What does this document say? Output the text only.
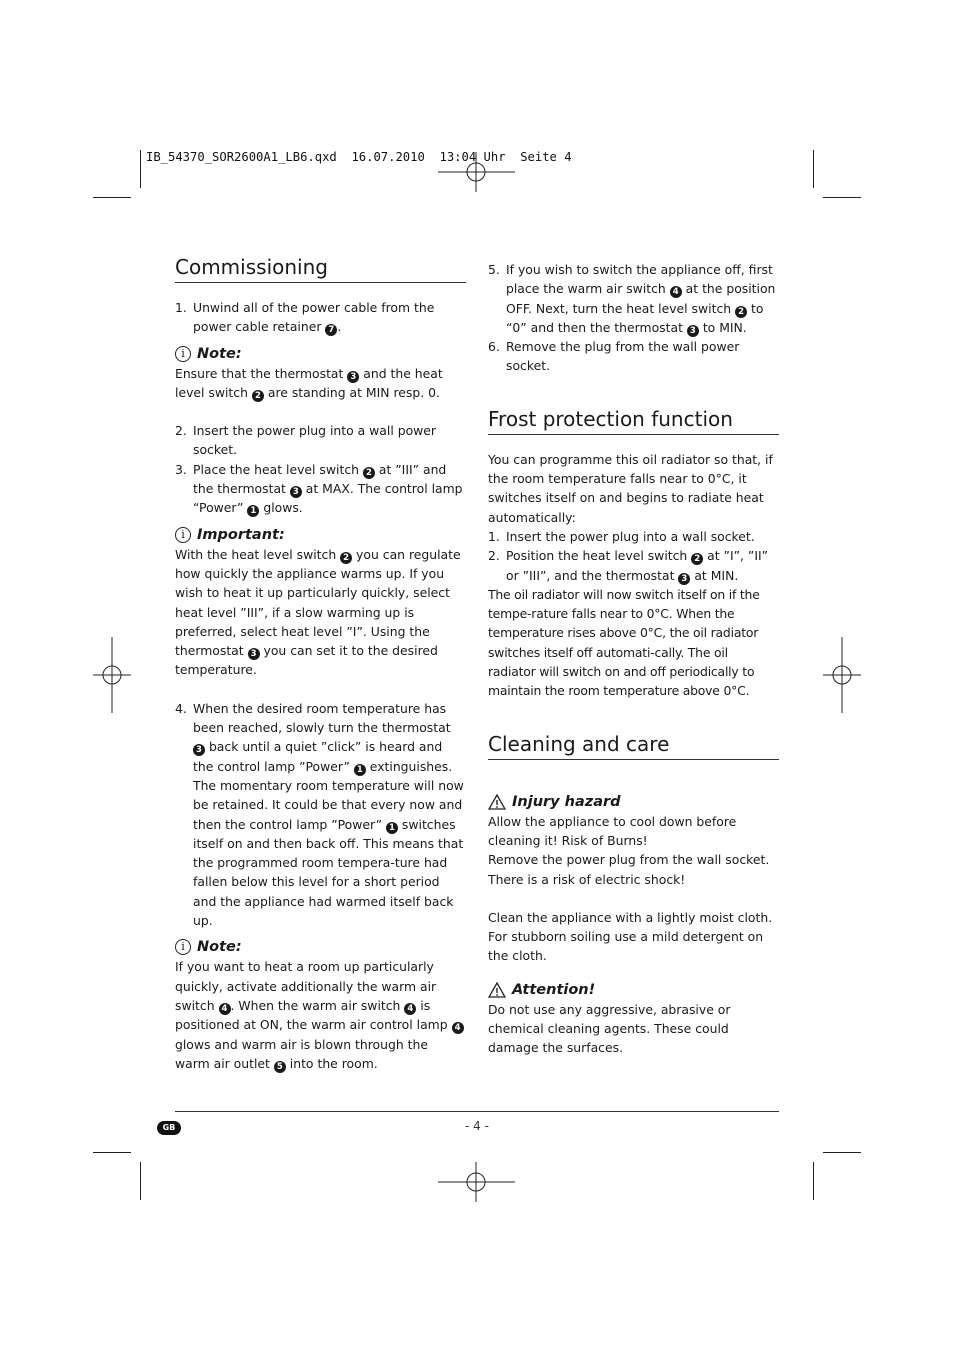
IB_54370_SOR2600A1_LB6.qxd  16.07.2010  13:04 Uhr  Seite 4
Commissioning
1. Unwind all of the power cable from the power cable retainer 7 .
i Note:

Ensure that the thermostat 3 and the heat level switch 2 are standing at MIN resp. 0.

2. Insert the power plug into a wall power socket.
3. Place the heat level switch 2 at ”III” and the thermostat 3 at MAX. The control lamp “Power” 1 glows.
i Important:

With the heat level switch 2 you can regulate how quickly the appliance warms up. If you wish to heat it up particularly quickly, select heat level ”III”, if a slow warming up is preferred, select heat level ”I”. Using the thermostat 3 you can set it to the desired temperature.

4. When the desired room temperature has been reached, slowly turn the thermostat 3 back until a quiet ”click” is heard and the control lamp ”Power” 1 extinguishes. The momentary room temperature will now be retained. It could be that every now and then the control lamp ”Power” 1 switches itself on and then back off. This means that the programmed room tempera-ture had fallen below this level for a short period and the appliance had warmed itself back up.
i Note:

If you want to heat a room up particularly quickly, activate additionally the warm air switch 4 . When the warm air switch 4 is positioned at ON, the warm air control lamp 4 glows and warm air is blown through the warm air outlet 5 into the room.

5. If you wish to switch the appliance off, first place the warm air switch 4 at the position OFF. Next, turn the heat level switch 2 to “0” and then the thermostat 3 to MIN.
6. Remove the plug from the wall power socket.
Frost protection function

You can programme this oil radiator so that, if the room temperature falls near to 0°C, it switches itself on and begins to radiate heat automatically:

1. Insert the power plug into a wall socket.
2. Position the heat level switch 2 at ”I”, ”II” or ”III”, and the thermostat 3 at MIN.

The oil radiator will now switch itself on if the tempe-rature falls near to 0°C. When the temperature rises above 0°C, the oil radiator switches itself off automati-cally. The oil radiator will switch on and off periodically to maintain the room temperature above 0°C.

Cleaning and care
Injury hazard

Allow the appliance to cool down before cleaning it! Risk of Burns!

Remove the power plug from the wall socket.

There is a risk of electric shock!

Clean the appliance with a lightly moist cloth. For stubborn soiling use a mild detergent on the cloth.

Attention!

Do not use any aggressive, abrasive or chemical cleaning agents. These could damage the surfaces.

GB	- 4 -
